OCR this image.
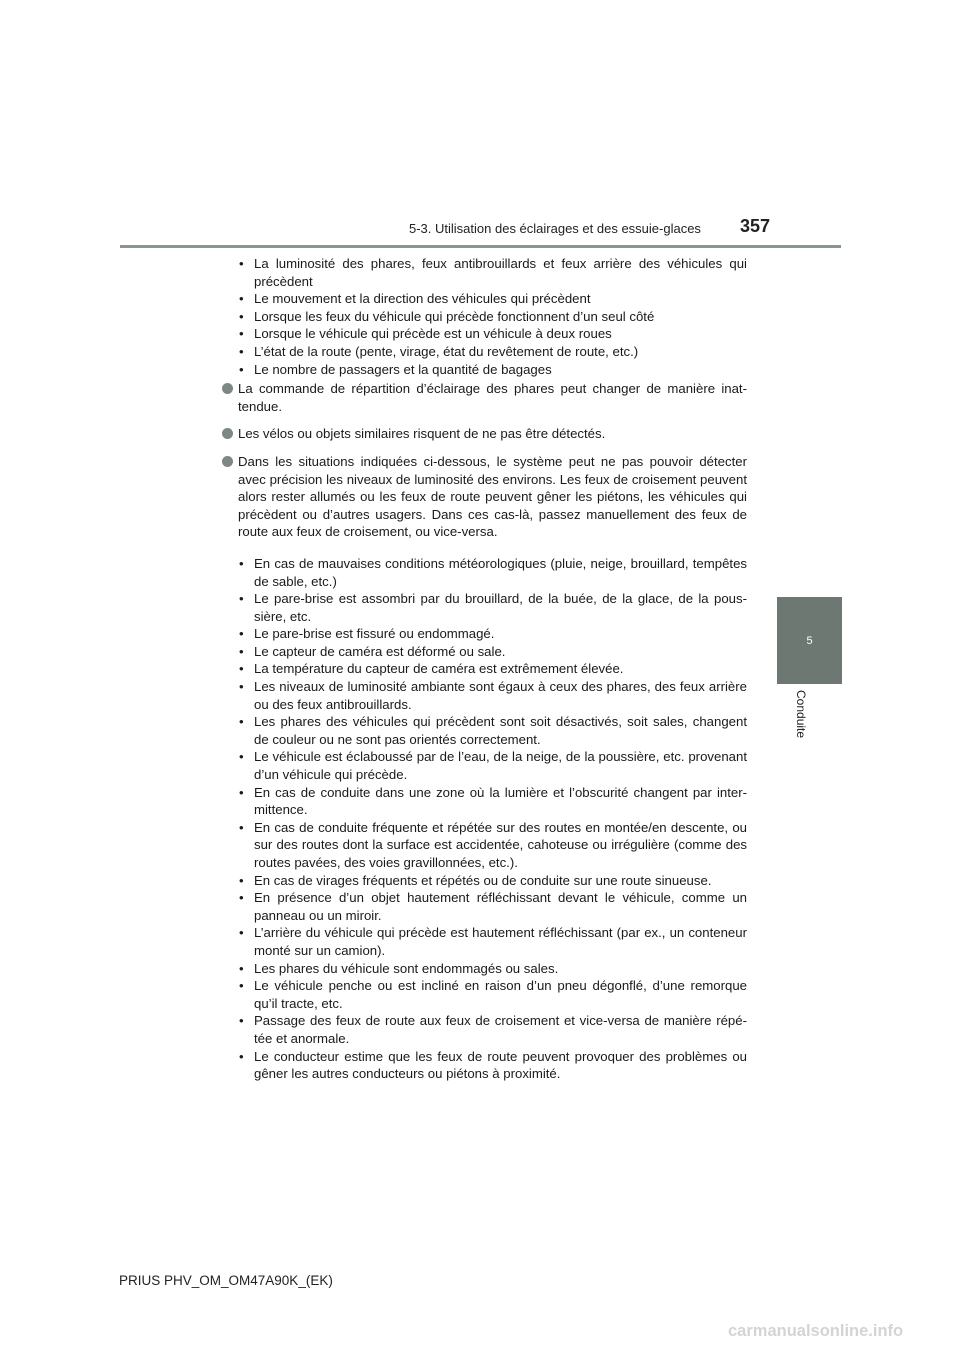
5-3. Utilisation des éclairages et des essuie-glaces 357
5
Conduite

• La luminosité des phares, feux antibrouillards et feux arrière des véhicules qui précèdent

• Le mouvement et la direction des véhicules qui précèdent

• Lorsque les feux du véhicule qui précède fonctionnent d’un seul côté

• Lorsque le véhicule qui précède est un véhicule à deux roues

• L’état de la route (pente, virage, état du revêtement de route, etc.)

• Le nombre de passagers et la quantité de bagages

La commande de répartition d’éclairage des phares peut changer de manière inattendue.

Les vélos ou objets similaires risquent de ne pas être détectés.

Dans les situations indiquées ci-dessous, le système peut ne pas pouvoir détecter avec précision les niveaux de luminosité des environs. Les feux de croisement peuvent alors rester allumés ou les feux de route peuvent gêner les piétons, les véhicules qui précèdent ou d’autres usagers. Dans ces cas-là, passez manuellement des feux de route aux feux de croisement, ou vice-versa.

• En cas de mauvaises conditions météorologiques (pluie, neige, brouillard, tempêtes de sable, etc.)

• Le pare-brise est assombri par du brouillard, de la buée, de la glace, de la poussière, etc.

• Le pare-brise est fissuré ou endommagé.

• Le capteur de caméra est déformé ou sale.

• La température du capteur de caméra est extrêmement élevée.

• Les niveaux de luminosité ambiante sont égaux à ceux des phares, des feux arrière ou des feux antibrouillards.

• Les phares des véhicules qui précèdent sont soit désactivés, soit sales, changent de couleur ou ne sont pas orientés correctement.

• Le véhicule est éclaboussé par de l’eau, de la neige, de la poussière, etc. provenant d’un véhicule qui précède.

• En cas de conduite dans une zone où la lumière et l’obscurité changent par intermittence.

• En cas de conduite fréquente et répétée sur des routes en montée/en descente, ou sur des routes dont la surface est accidentée, cahoteuse ou irrégulière (comme des routes pavées, des voies gravillonnées, etc.).

• En cas de virages fréquents et répétés ou de conduite sur une route sinueuse.

• En présence d’un objet hautement réfléchissant devant le véhicule, comme un panneau ou un miroir.

• L’arrière du véhicule qui précède est hautement réfléchissant (par ex., un conteneur monté sur un camion).

• Les phares du véhicule sont endommagés ou sales.

• Le véhicule penche ou est incliné en raison d’un pneu dégonflé, d’une remorque qu’il tracte, etc.

• Passage des feux de route aux feux de croisement et vice-versa de manière répétée et anormale.

• Le conducteur estime que les feux de route peuvent provoquer des problèmes ou gêner les autres conducteurs ou piétons à proximité.

PRIUS PHV_OM_OM47A90K_(EK)
carmanualsonline.info
